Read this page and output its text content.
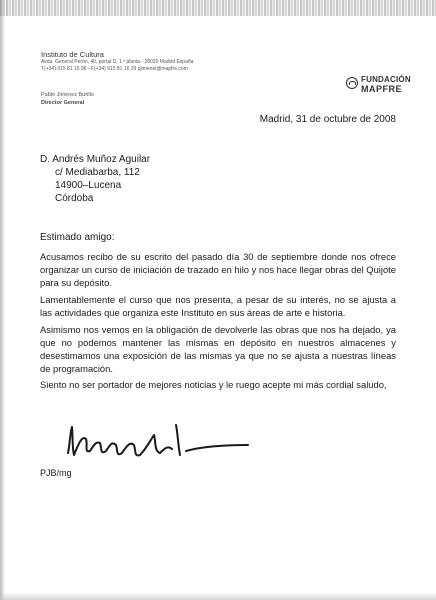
Instituto de Cultura
Avda. General Perón, 40, portal D, 1.ª planta - 28020 Madrid España
T(+34) 915 81 15 96 - F(+34) 915 81 16 29 pjimenel@mapfre.com
Pablo Jiménez Burillo
Director General
FUNDACIÓN
MAPFRE
Madrid, 31 de octubre de 2008
D. Andrés Muñoz Aguilar
c/ Mediabarba, 112
14900–Lucena
Córdoba
Estimado amigo:
Acusamos recibo de su escrito del pasado día 30 de septiembre donde nos ofrece organizar un curso de iniciación de trazado en hilo y nos hace llegar obras del Quijote para su depósito.
Lamentablemente el curso que nos presenta, a pesar de su interés, no se ajusta a las actividades que organiza este Instituto en sus áreas de arte e historia.
Asimismo nos vemos en la obligación de devolverle las obras que nos ha dejado, ya que no podemos mantener las mismas en depósito en nuestros almacenes y desestimamos una exposición de las mismas ya que no se ajusta a nuestras líneas de programación.
Siento no ser portador de mejores noticias y le ruego acepte mi más cordial saludo,
PJB/mg
